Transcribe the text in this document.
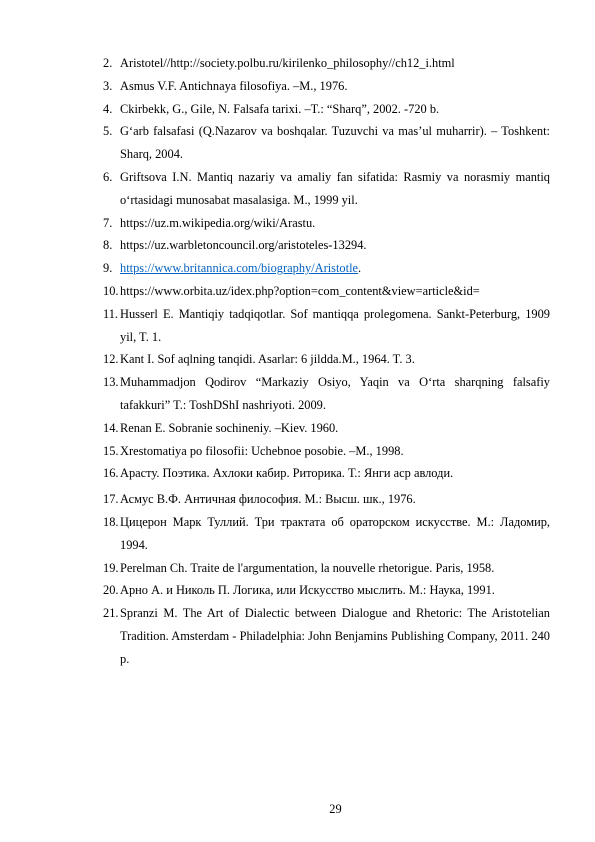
2. Aristotel//http://society.polbu.ru/kirilenko_philosophy//ch12_i.html
3. Asmus V.F. Antichnaya filosofiya. –M., 1976.
4. Ckirbekk, G., Gile, N. Falsafa tarixi. –T.: “Sharq”, 2002. -720 b.
5. G‘arb falsafasi (Q.Nazarov va boshqalar. Tuzuvchi va mas’ul muharrir). – Toshkent: Sharq, 2004.
6. Griftsova I.N. Mantiq nazariy va amaliy fan sifatida: Rasmiy va norasmiy mantiq o‘rtasidagi munosabat masalasiga. M., 1999 yil.
7. https://uz.m.wikipedia.org/wiki/Arastu.
8. https://uz.warbletoncouncil.org/aristoteles-13294.
9. https://www.britannica.com/biography/Aristotle.
10. https://www.orbita.uz/idex.php?option=com_content&view=article&id=
11. Husserl E. Mantiqiy tadqiqotlar. Sof mantiqqa prolegomena. Sankt-Peterburg, 1909 yil, T. 1.
12. Kant I. Sof aqlning tanqidi. Asarlar: 6 jildda.M., 1964. T. 3.
13. Muhammadjon Qodirov “Markaziy Osiyo, Yaqin va O‘rta sharqning falsafiy tafakkuri” T.: ToshDShI nashriyoti. 2009.
14. Renan E. Sobranie sochineniy. –Kiev. 1960.
15. Xrestomatiya po filosofii: Uchebnoe posobie. –M., 1998.
16. Арасту. Поэтика. Ахлоки кабир. Риторика. Т.: Янги аср авлоди.
17. Асмус В.Ф. Античная философия. М.: Высш. шк., 1976.
18. Цицерон Марк Туллий. Три трактата об ораторском искусстве. М.: Ладомир, 1994.
19. Perelman Ch. Traite de l'argumentation, la nouvelle rhetorigue. Paris, 1958.
20. Арно А. и Николь П. Логика, или Искусство мыслить. М.: Наука, 1991.
21. Spranzi M. The Art of Dialectic between Dialogue and Rhetoric: The Aristotelian Tradition. Amsterdam - Philadelphia: John Benjamins Publishing Company, 2011. 240 p.
29
